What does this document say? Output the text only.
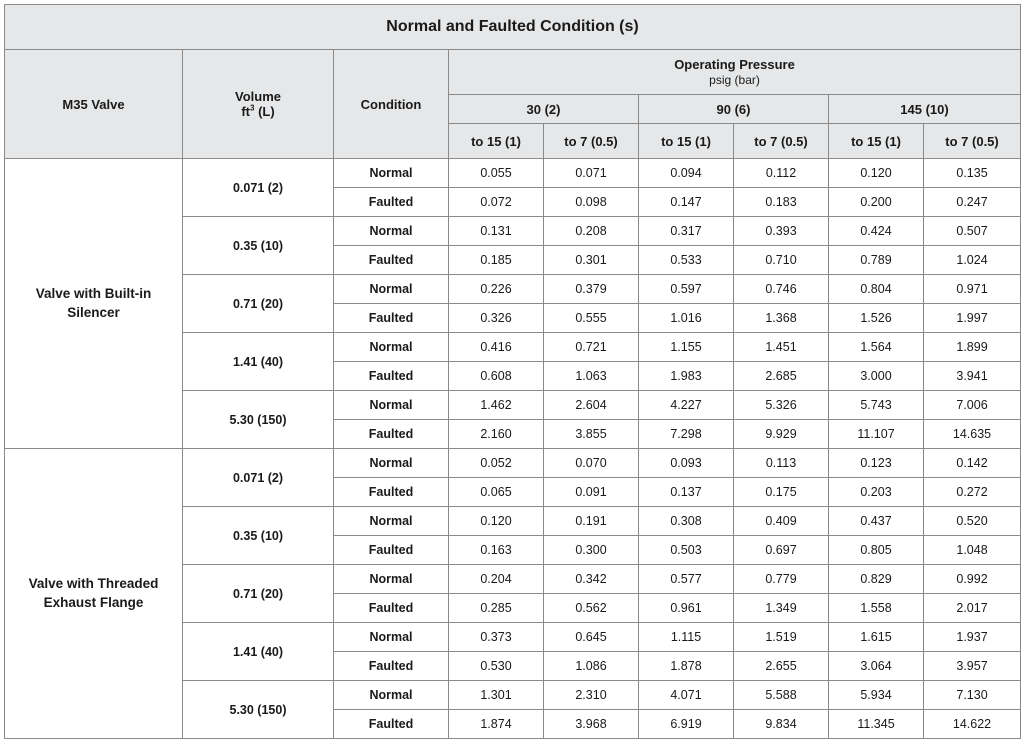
Normal and Faulted Condition (s)								
M35 Valve	Volume
$ft^3$ (L)	Condition	Operating Pressure
psig (bar)					
			30 (2)		90 (6)		145 (10)	
			to 15 (1)	to 7 (0.5)	to 15 (1)	to 7 (0.5)	to 15 (1)	to 7 (0.5)
Valve with Built-in
Silencer	0.071 (2)	Normal	0.055	0.071	0.094	0.112	0.120	0.135
		Faulted	0.072	0.098	0.147	0.183	0.200	0.247
	0.35 (10)	Normal	0.131	0.208	0.317	0.393	0.424	0.507
		Faulted	0.185	0.301	0.533	0.710	0.789	1.024
	0.71 (20)	Normal	0.226	0.379	0.597	0.746	0.804	0.971
		Faulted	0.326	0.555	1.016	1.368	1.526	1.997
	1.41 (40)	Normal	0.416	0.721	1.155	1.451	1.564	1.899
		Faulted	0.608	1.063	1.983	2.685	3.000	3.941
	5.30 (150)	Normal	1.462	2.604	4.227	5.326	5.743	7.006
		Faulted	2.160	3.855	7.298	9.929	11.107	14.635
Valve with Threaded
Exhaust Flange	0.071 (2)	Normal	0.052	0.070	0.093	0.113	0.123	0.142
		Faulted	0.065	0.091	0.137	0.175	0.203	0.272
	0.35 (10)	Normal	0.120	0.191	0.308	0.409	0.437	0.520
		Faulted	0.163	0.300	0.503	0.697	0.805	1.048
	0.71 (20)	Normal	0.204	0.342	0.577	0.779	0.829	0.992
		Faulted	0.285	0.562	0.961	1.349	1.558	2.017
	1.41 (40)	Normal	0.373	0.645	1.115	1.519	1.615	1.937
		Faulted	0.530	1.086	1.878	2.655	3.064	3.957
	5.30 (150)	Normal	1.301	2.310	4.071	5.588	5.934	7.130
		Faulted	1.874	3.968	6.919	9.834	11.345	14.622
